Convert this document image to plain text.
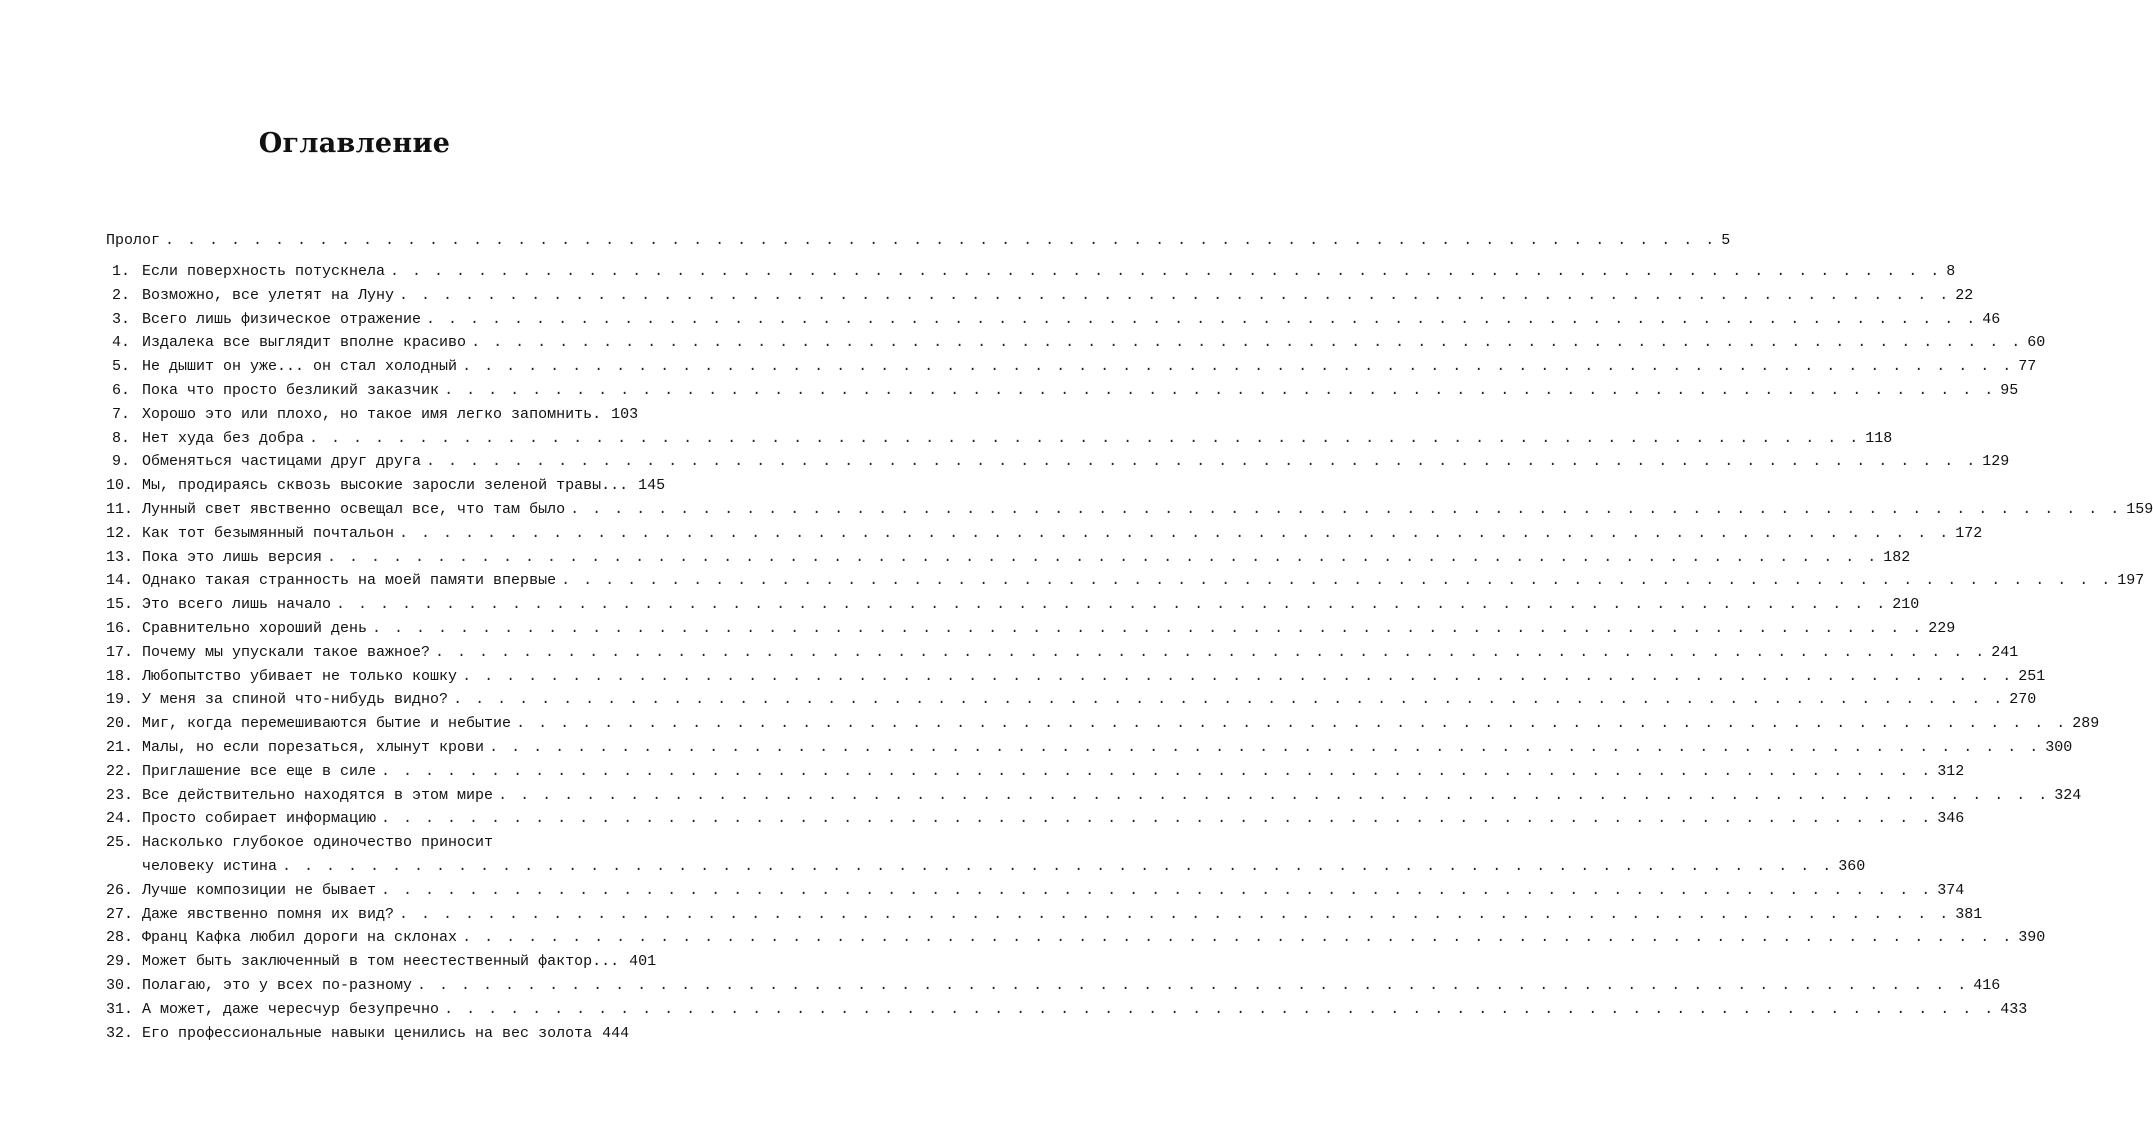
Оглавление
Пролог . . . . . . . . . . . . . . . . . . . . . . . . . . . . . . . . . . . . . . . . . . . . . . . . . . . . . . . . . . . . . . . . . . . . . . . 5
1. Если поверхность потускнела . . . . . . . . . . . . . . . . . . . . . . . . . . . . . . . . . . . . . . . . . . . . . . . . . . . . . . . . . . . . . . . . . . . . . . . 8
2. Возможно, все улетят на Луну . . . . . . . . . . . . . . . . . . . . . . . . . . . . . . . . . . . . . . . . . . . . . . . . . . . . . . . . . . . . . . . . . . . . . . . 22
3. Всего лишь физическое отражение . . . . . . . . . . . . . . . . . . . . . . . . . . . . . . . . . . . . . . . . . . . . . . . . . . . . . . . . . . . . . . . . . . . . . . . 46
4. Издалека все выглядит вполне красиво . . . . . . . . . . . . . . . . . . . . . . . . . . . . . . . . . . . . . . . . . . . . . . . . . . . . . . . . . . . . . . . . . . . . . . . 60
5. Не дышит он уже... он стал холодный . . . . . . . . . . . . . . . . . . . . . . . . . . . . . . . . . . . . . . . . . . . . . . . . . . . . . . . . . . . . . . . . . . . . . . . 77
6. Пока что просто безликий заказчик . . . . . . . . . . . . . . . . . . . . . . . . . . . . . . . . . . . . . . . . . . . . . . . . . . . . . . . . . . . . . . . . . . . . . . . 95
7. Хорошо это или плохо, но такое имя легко запомнить. 103
8. Нет худа без добра . . . . . . . . . . . . . . . . . . . . . . . . . . . . . . . . . . . . . . . . . . . . . . . . . . . . . . . . . . . . . . . . . . . . . . . 118
9. Обменяться частицами друг друга . . . . . . . . . . . . . . . . . . . . . . . . . . . . . . . . . . . . . . . . . . . . . . . . . . . . . . . . . . . . . . . . . . . . . . . 129
10. Мы, продираясь сквозь высокие заросли зеленой травы... 145
11. Лунный свет явственно освещал все, что там было . . . . . . . . . . . . . . . . . . . . . . . . . . . . . . . . . . . . . . . . . . . . . . . . . . . . . . . . . . . . . . . . . . . . . . . 159
12. Как тот безымянный почтальон . . . . . . . . . . . . . . . . . . . . . . . . . . . . . . . . . . . . . . . . . . . . . . . . . . . . . . . . . . . . . . . . . . . . . . . 172
13. Пока это лишь версия . . . . . . . . . . . . . . . . . . . . . . . . . . . . . . . . . . . . . . . . . . . . . . . . . . . . . . . . . . . . . . . . . . . . . . . 182
14. Однако такая странность на моей памяти впервые . . . . . . . . . . . . . . . . . . . . . . . . . . . . . . . . . . . . . . . . . . . . . . . . . . . . . . . . . . . . . . . . . . . . . . . 197
15. Это всего лишь начало . . . . . . . . . . . . . . . . . . . . . . . . . . . . . . . . . . . . . . . . . . . . . . . . . . . . . . . . . . . . . . . . . . . . . . . 210
16. Сравнительно хороший день . . . . . . . . . . . . . . . . . . . . . . . . . . . . . . . . . . . . . . . . . . . . . . . . . . . . . . . . . . . . . . . . . . . . . . . 229
17. Почему мы упускали такое важное? . . . . . . . . . . . . . . . . . . . . . . . . . . . . . . . . . . . . . . . . . . . . . . . . . . . . . . . . . . . . . . . . . . . . . . . 241
18. Любопытство убивает не только кошку . . . . . . . . . . . . . . . . . . . . . . . . . . . . . . . . . . . . . . . . . . . . . . . . . . . . . . . . . . . . . . . . . . . . . . . 251
19. У меня за спиной что-нибудь видно? . . . . . . . . . . . . . . . . . . . . . . . . . . . . . . . . . . . . . . . . . . . . . . . . . . . . . . . . . . . . . . . . . . . . . . . 270
20. Миг, когда перемешиваются бытие и небытие . . . . . . . . . . . . . . . . . . . . . . . . . . . . . . . . . . . . . . . . . . . . . . . . . . . . . . . . . . . . . . . . . . . . . . . 289
21. Малы, но если порезаться, хлынут крови . . . . . . . . . . . . . . . . . . . . . . . . . . . . . . . . . . . . . . . . . . . . . . . . . . . . . . . . . . . . . . . . . . . . . . . 300
22. Приглашение все еще в силе . . . . . . . . . . . . . . . . . . . . . . . . . . . . . . . . . . . . . . . . . . . . . . . . . . . . . . . . . . . . . . . . . . . . . . . 312
23. Все действительно находятся в этом мире . . . . . . . . . . . . . . . . . . . . . . . . . . . . . . . . . . . . . . . . . . . . . . . . . . . . . . . . . . . . . . . . . . . . . . . 324
24. Просто собирает информацию . . . . . . . . . . . . . . . . . . . . . . . . . . . . . . . . . . . . . . . . . . . . . . . . . . . . . . . . . . . . . . . . . . . . . . . 346
25. Насколько глубокое одиночество приносит
человеку истина . . . . . . . . . . . . . . . . . . . . . . . . . . . . . . . . . . . . . . . . . . . . . . . . . . . . . . . . . . . . . . . . . . . . . . . 360
26. Лучше композиции не бывает . . . . . . . . . . . . . . . . . . . . . . . . . . . . . . . . . . . . . . . . . . . . . . . . . . . . . . . . . . . . . . . . . . . . . . . 374
27. Даже явственно помня их вид? . . . . . . . . . . . . . . . . . . . . . . . . . . . . . . . . . . . . . . . . . . . . . . . . . . . . . . . . . . . . . . . . . . . . . . . 381
28. Франц Кафка любил дороги на склонах . . . . . . . . . . . . . . . . . . . . . . . . . . . . . . . . . . . . . . . . . . . . . . . . . . . . . . . . . . . . . . . . . . . . . . . 390
29. Может быть заключенный в том неестественный фактор... 401
30. Полагаю, это у всех по-разному . . . . . . . . . . . . . . . . . . . . . . . . . . . . . . . . . . . . . . . . . . . . . . . . . . . . . . . . . . . . . . . . . . . . . . . 416
31. А может, даже чересчур безупречно . . . . . . . . . . . . . . . . . . . . . . . . . . . . . . . . . . . . . . . . . . . . . . . . . . . . . . . . . . . . . . . . . . . . . . . 433
32. Его профессиональные навыки ценились на вес золота 444
